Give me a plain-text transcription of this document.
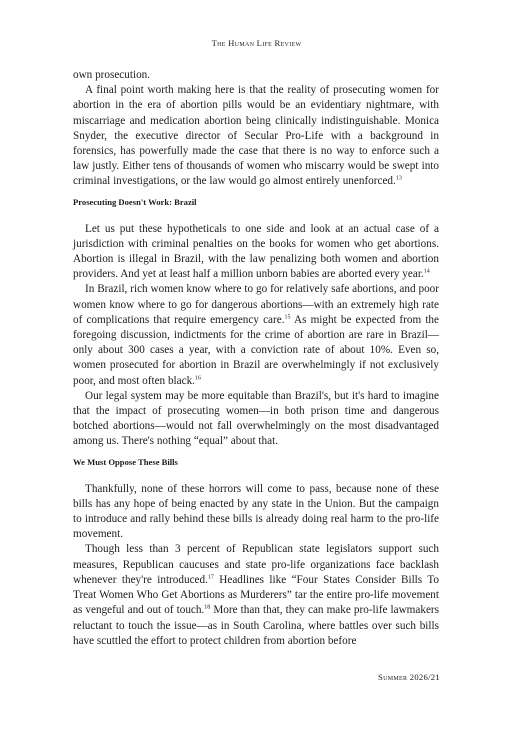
The Human Life Review

own prosecution.

A final point worth making here is that the reality of prosecuting women for abortion in the era of abortion pills would be an evidentiary nightmare, with miscarriage and medication abortion being clinically indistinguishable. Monica Snyder, the executive director of Secular Pro-Life with a background in forensics, has powerfully made the case that there is no way to enforce such a law justly. Either tens of thousands of women who miscarry would be swept into criminal investigations, or the law would go almost entirely unenforced.$^{13}$

Prosecuting Doesn't Work: Brazil

Let us put these hypotheticals to one side and look at an actual case of a jurisdiction with criminal penalties on the books for women who get abortions. Abortion is illegal in Brazil, with the law penalizing both women and abortion providers. And yet at least half a million unborn babies are aborted every year.$^{14}$

In Brazil, rich women know where to go for relatively safe abortions, and poor women know where to go for dangerous abortions—with an extremely high rate of complications that require emergency care.$^{15}$ As might be expected from the foregoing discussion, indictments for the crime of abortion are rare in Brazil—only about 300 cases a year, with a conviction rate of about 10%. Even so, women prosecuted for abortion in Brazil are overwhelmingly if not exclusively poor, and most often black.$^{16}$

Our legal system may be more equitable than Brazil's, but it's hard to imagine that the impact of prosecuting women—in both prison time and dangerous botched abortions—would not fall overwhelmingly on the most disadvantaged among us. There's nothing “equal” about that.

We Must Oppose These Bills

Thankfully, none of these horrors will come to pass, because none of these bills has any hope of being enacted by any state in the Union. But the campaign to introduce and rally behind these bills is already doing real harm to the pro-life movement.

Though less than 3 percent of Republican state legislators support such measures, Republican caucuses and state pro-life organizations face backlash whenever they're introduced.$^{17}$ Headlines like “Four States Consider Bills To Treat Women Who Get Abortions as Murderers” tar the entire pro-life movement as vengeful and out of touch.$^{18}$ More than that, they can make pro-life lawmakers reluctant to touch the issue—as in South Carolina, where battles over such bills have scuttled the effort to protect children from abortion before

Summer 2026/21
